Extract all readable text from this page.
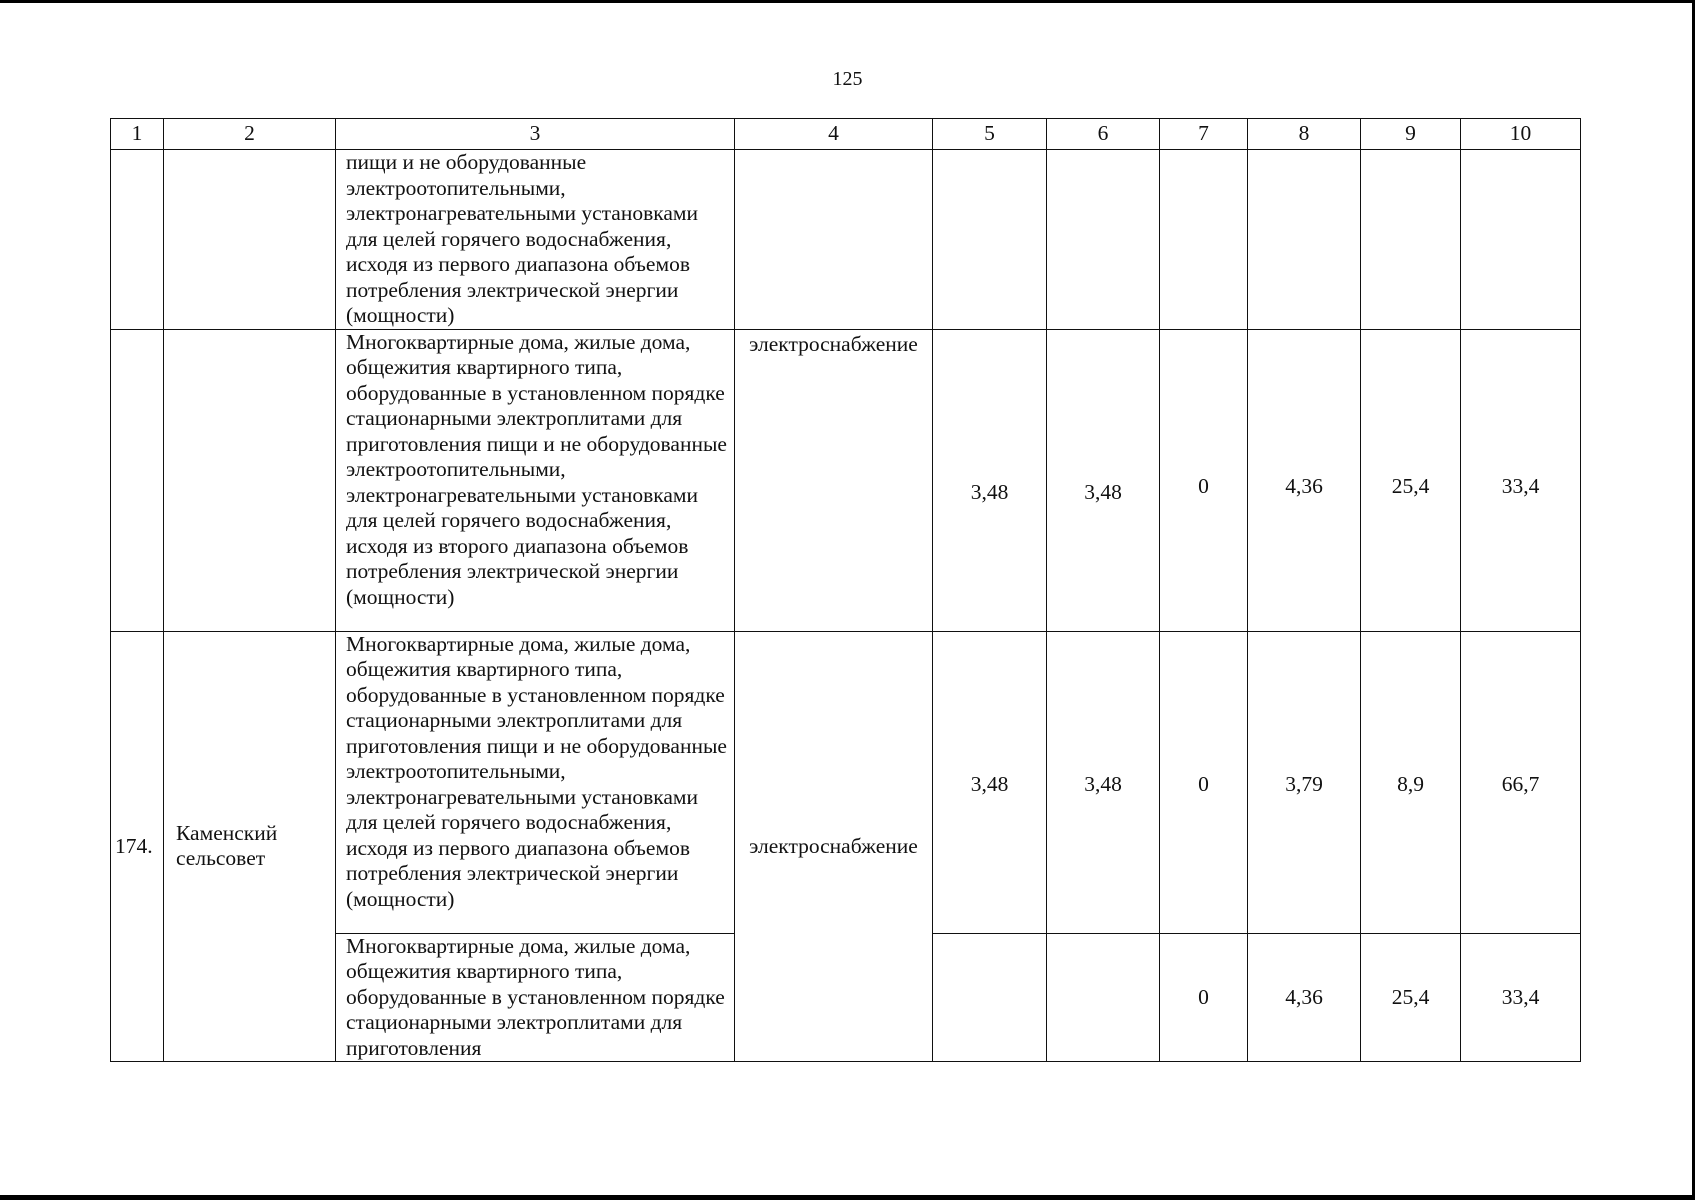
125
1	2	3	4	5	6	7	8	9	10
		пищи и не оборудованные электроотопительными, электронагревательными установками для целей горячего водоснабжения, исходя из первого диапазона объемов потребления электрической энергии (мощности)							
		Многоквартирные дома, жилые дома, общежития квартирного типа, оборудованные в установленном порядке стационарными электроплитами для приготовления пищи и не оборудованные электроотопительными, электронагревательными установками для целей горячего водоснабжения, исходя из второго диапазона объемов потребления электрической энергии (мощности)	электроснабжение	3,48	3,48	0	4,36	25,4	33,4
174.	Каменский сельсовет	Многоквартирные дома, жилые дома, общежития квартирного типа, оборудованные в установленном порядке стационарными электроплитами для приготовления пищи и не оборудованные электроотопительными, электронагревательными установками для целей горячего водоснабжения, исходя из первого диапазона объемов потребления электрической энергии (мощности)	электроснабжение	3,48	3,48	0	3,79	8,9	66,7
		Многоквартирные дома, жилые дома, общежития квартирного типа, оборудованные в установленном порядке стационарными электроплитами для приготовления				0	4,36	25,4	33,4
